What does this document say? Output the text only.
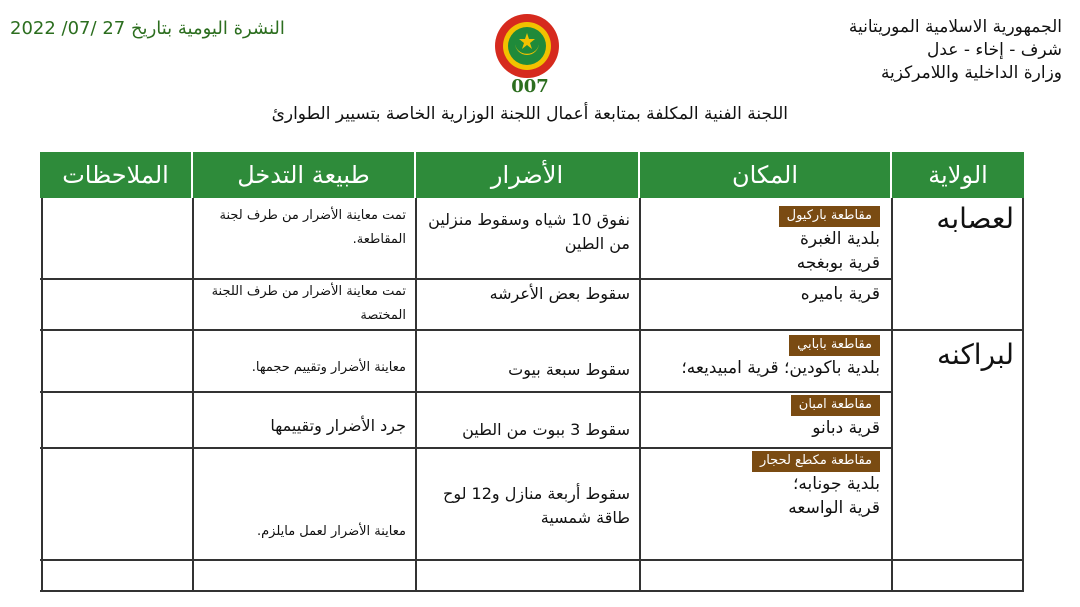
الجمهورية الاسلامية الموريتانية
شرف - إخاء - عدل
وزارة الداخلية واللامركزية
النشرة اليومية بتاريخ 27 /07/ 2022
007
اللجنة الفنية المكلفة بمتابعة أعمال اللجنة الوزارية الخاصة بتسيير الطوارئ
الولاية
المكان
الأضرار
طبيعة التدخل
الملاحظات
لعصابه
مقاطعة باركيول
بلدية الغبرة
قرية بوبغجه
نفوق 10 شياه وسقوط منزلين من الطين
تمت معاينة الأضرار من طرف لجنة المقاطعة.
قرية باميره
سقوط بعض الأعرشه
تمت معاينة الأضرار من طرف اللجنة المختصة
لبراكنه
مقاطعة بابابي
بلدية باكودين؛ قرية امبيديعه؛
سقوط سبعة بيوت
معاينة الأضرار وتقييم حجمها.
مقاطعة امبان
قرية دبانو
سقوط 3 ببوت من الطين
جرد الأضرار وتقييمها
مقاطعة مكطع لحجار
بلدية جونابه؛
قرية الواسعه
سقوط أربعة منازل و12 لوح طاقة شمسية
معاينة الأضرار لعمل مايلزم.
